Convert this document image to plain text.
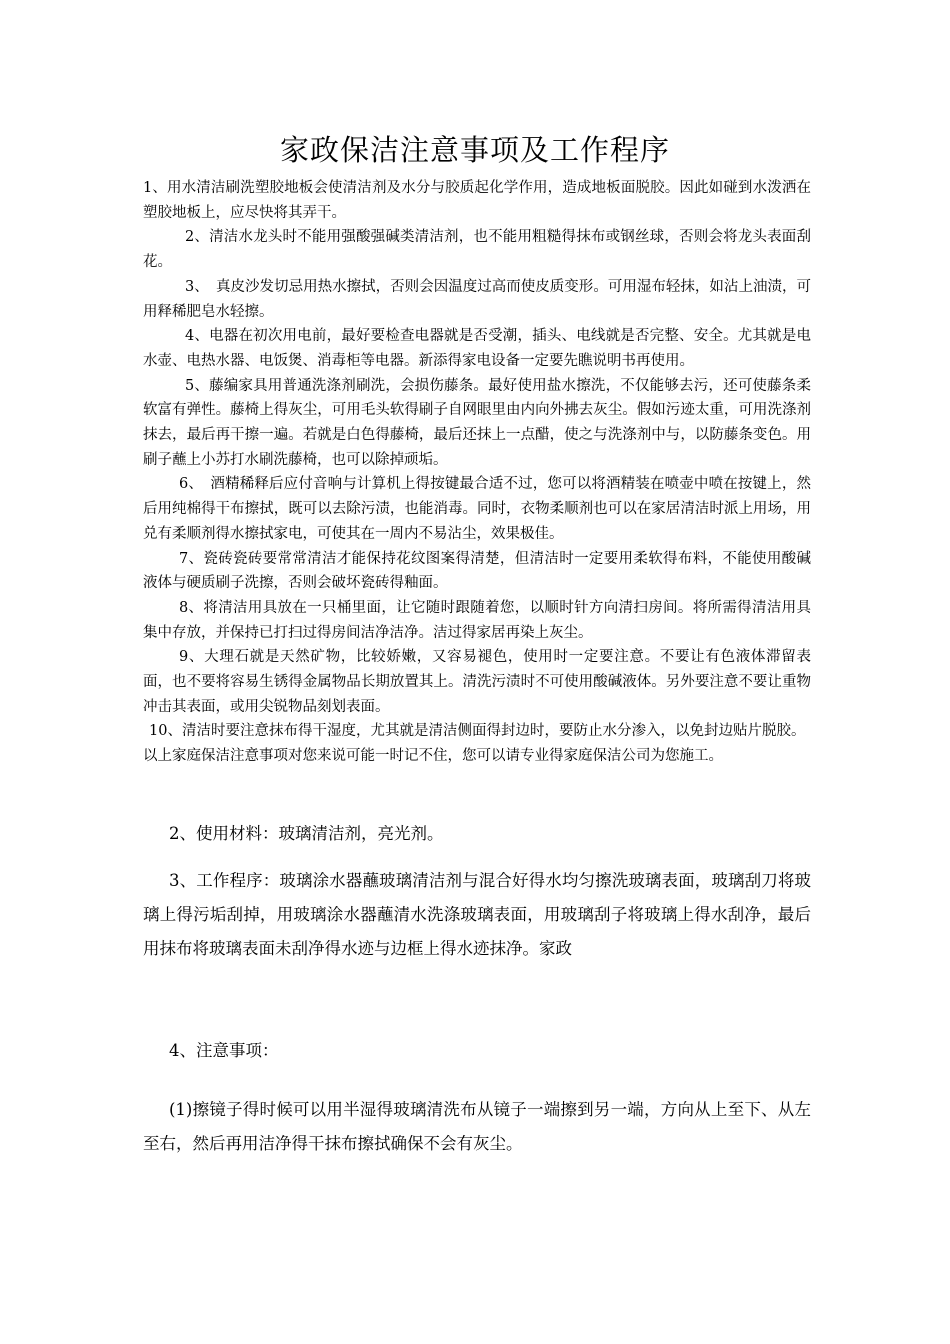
家政保洁注意事项及工作程序

1、用水清洁刷洗塑胶地板会使清洁剂及水分与胶质起化学作用，造成地板面脱胶。因此如碰到水泼洒在塑胶地板上，应尽快将其弄干。

2、清洁水龙头时不能用强酸强碱类清洁剂，也不能用粗糙得抹布或钢丝球，否则会将龙头表面刮花。

3、　真皮沙发切忌用热水擦拭，否则会因温度过高而使皮质变形。可用湿布轻抹，如沾上油渍，可用释稀肥皂水轻擦。

4、电器在初次用电前，最好要检查电器就是否受潮，插头、电线就是否完整、安全。尤其就是电水壶、电热水器、电饭煲、消毒柜等电器。新添得家电设备一定要先瞧说明书再使用。

5、藤编家具用普通洗涤剂刷洗，会损伤藤条。最好使用盐水擦洗，不仅能够去污，还可使藤条柔软富有弹性。藤椅上得灰尘，可用毛头软得刷子自网眼里由内向外拂去灰尘。假如污迹太重，可用洗涤剂抹去，最后再干擦一遍。若就是白色得藤椅，最后还抹上一点醋，使之与洗涤剂中与，以防藤条变色。用刷子蘸上小苏打水刷洗藤椅，也可以除掉顽垢。

6、　酒精稀释后应付音响与计算机上得按键最合适不过，您可以将酒精装在喷壶中喷在按键上，然后用纯棉得干布擦拭，既可以去除污渍，也能消毒。同时，衣物柔顺剂也可以在家居清洁时派上用场，用兑有柔顺剂得水擦拭家电，可使其在一周内不易沾尘，效果极佳。

7、瓷砖瓷砖要常常清洁才能保持花纹图案得清楚，但清洁时一定要用柔软得布料，不能使用酸碱液体与硬质刷子洗擦，否则会破坏瓷砖得釉面。

8、将清洁用具放在一只桶里面，让它随时跟随着您，以顺时针方向清扫房间。将所需得清洁用具集中存放，并保持已打扫过得房间洁净洁净。洁过得家居再染上灰尘。

9、大理石就是天然矿物，比较娇嫩，又容易褪色，使用时一定要注意。不要让有色液体滞留表面，也不要将容易生锈得金属物品长期放置其上。清洗污渍时不可使用酸碱液体。另外要注意不要让重物冲击其表面，或用尖锐物品刻划表面。

10、清洁时要注意抹布得干湿度，尤其就是清洁侧面得封边时，要防止水分渗入，以免封边贴片脱胶。

以上家庭保洁注意事项对您来说可能一时记不住，您可以请专业得家庭保洁公司为您施工。

2、使用材料：玻璃清洁剂，亮光剂。

3、工作程序：玻璃涂水器蘸玻璃清洁剂与混合好得水均匀擦洗玻璃表面，玻璃刮刀将玻璃上得污垢刮掉，用玻璃涂水器蘸清水洗涤玻璃表面，用玻璃刮子将玻璃上得水刮净，最后用抹布将玻璃表面未刮净得水迹与边框上得水迹抹净。家政

4、注意事项：

(1)擦镜子得时候可以用半湿得玻璃清洗布从镜子一端擦到另一端，方向从上至下、从左至右，然后再用洁净得干抹布擦拭确保不会有灰尘。
